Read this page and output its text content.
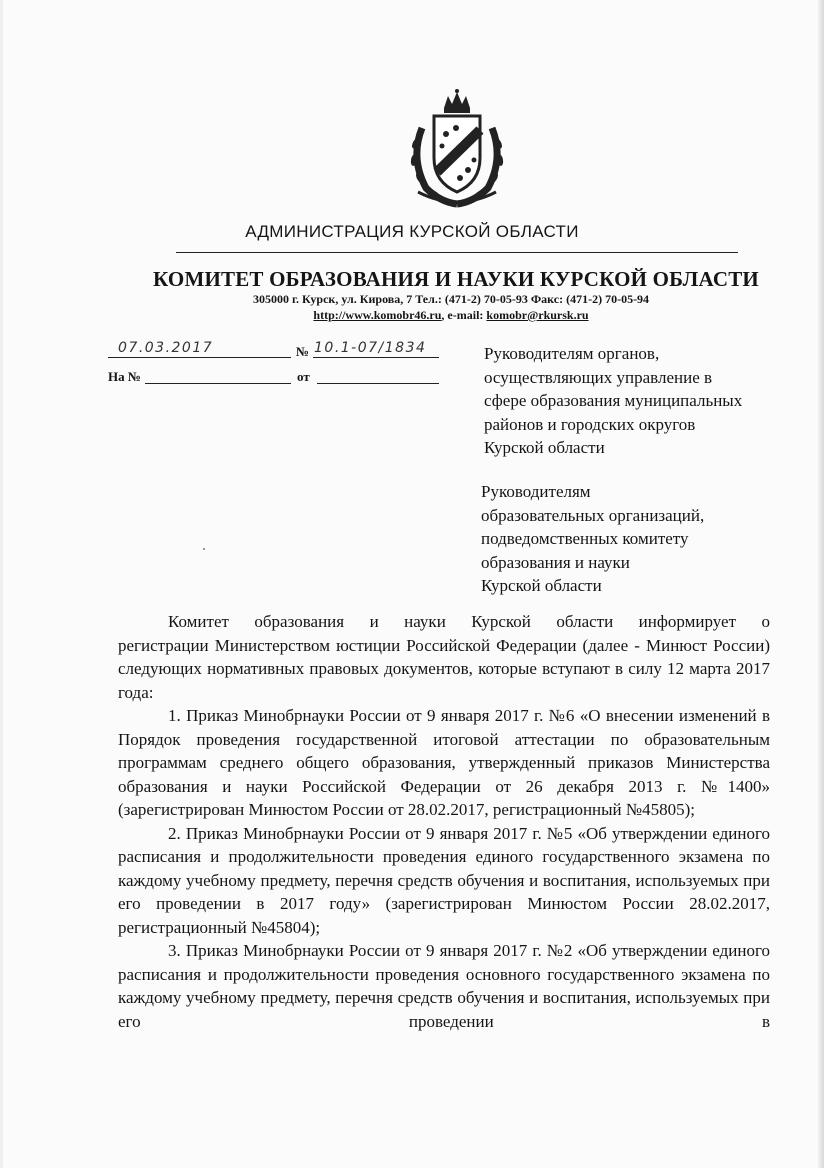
АДМИНИСТРАЦИЯ КУРСКОЙ ОБЛАСТИ
КОМИТЕТ ОБРАЗОВАНИЯ И НАУКИ КУРСКОЙ ОБЛАСТИ
305000 г. Курск, ул. Кирова, 7 Тел.: (471-2) 70-05-93 Факс: (471-2) 70-05-94
http://www.komobr46.ru, e-mail: komobr@rkursk.ru
07.03.2017	№ 10.1-07/1834
На №	от
Руководителям органов,
осуществляющих управление в
сфере образования муниципальных
районов и городских округов
Курской области
Руководителям
образовательных организаций,
подведомственных комитету
образования и науки
Курской области

Комитет образования и науки Курской области информирует о

регистрации Министерством юстиции Российской Федерации (далее - Минюст России) следующих нормативных правовых документов, которые вступают в силу 12 марта 2017 года:

1. Приказ Минобрнауки России от 9 января 2017 г. №6 «О внесении изменений в Порядок проведения государственной итоговой аттестации по образовательным программам среднего общего образования, утвержденный приказов Министерства образования и науки Российской Федерации от 26 декабря 2013 г. №1400» (зарегистрирован Минюстом России от 28.02.2017, регистрационный №45805);

2. Приказ Минобрнауки России от 9 января 2017 г. №5 «Об утверждении единого расписания и продолжительности проведения единого государственного экзамена по каждому учебному предмету, перечня средств обучения и воспитания, используемых при его проведении в 2017 году» (зарегистрирован Минюстом России 28.02.2017, регистрационный №45804);

3. Приказ Минобрнауки России от 9 января 2017 г. №2 «Об утверждении единого расписания и продолжительности проведения основного государственного экзамена по каждому учебному предмету, перечня средств обучения и воспитания, используемых при его проведении в
